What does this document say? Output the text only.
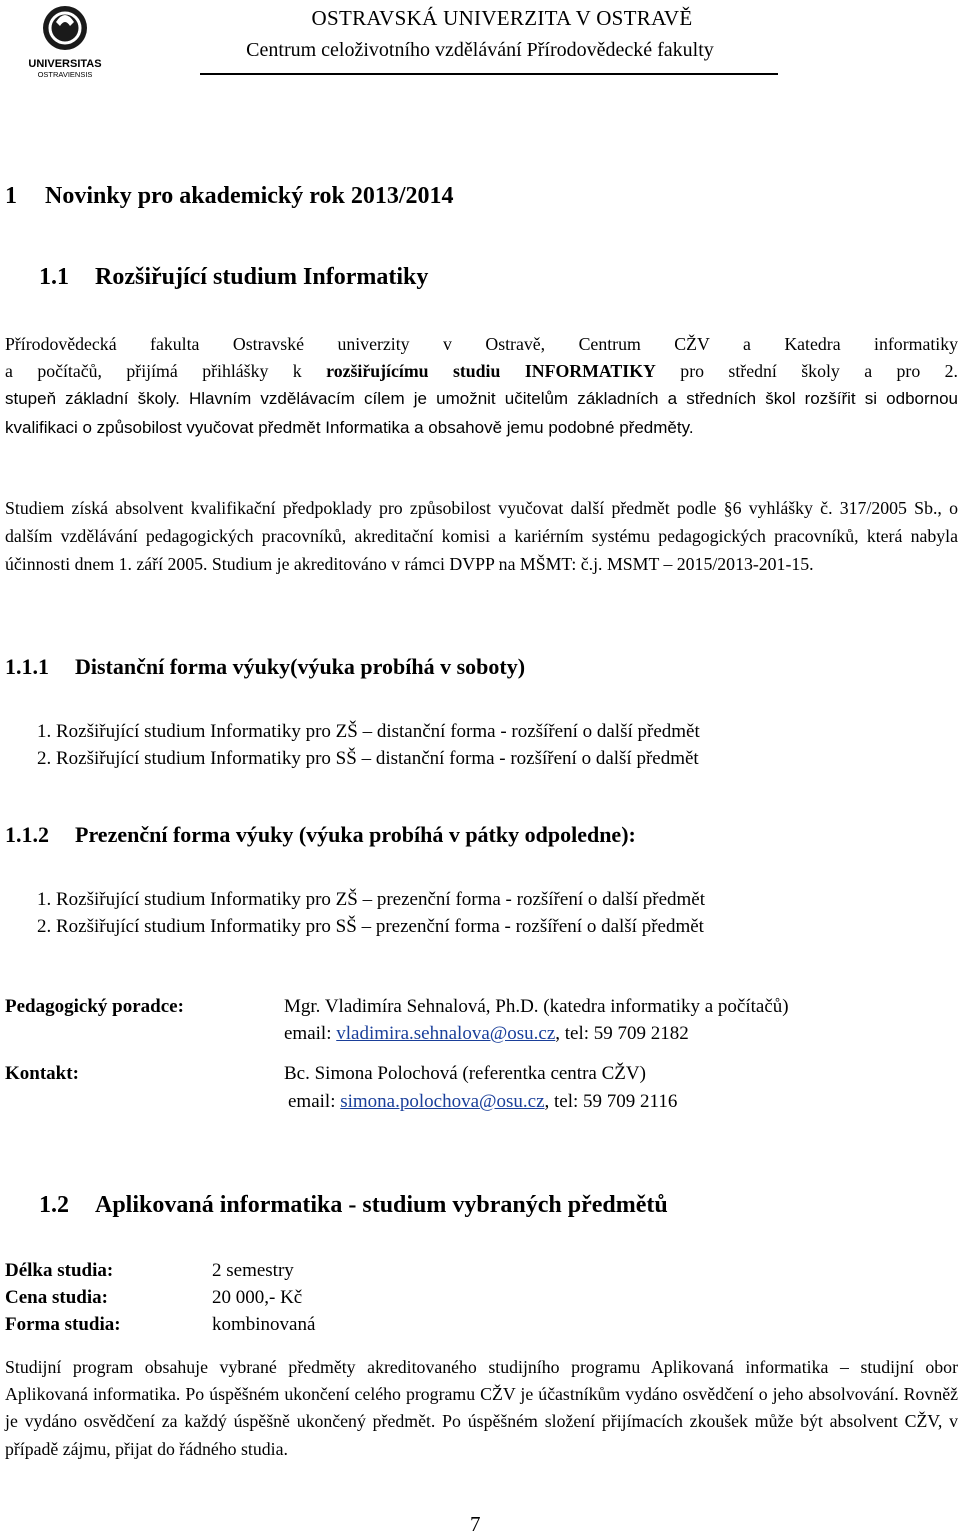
UNIVERSITAS
OSTRAVIENSIS
OSTRAVSKÁ UNIVERZITA V OSTRAVĚ
Centrum celoživotního vzdělávání Přírodovědecké fakulty
1 Novinky pro akademický rok 2013/2014
1.1 Rozšiřující studium Informatiky
Přírodovědecká fakulta Ostravské univerzity v Ostravě, Centrum CŽV a Katedra informatiky
a počítačů, přijímá přihlášky k rozšiřujícímu studiu INFORMATIKY pro střední školy a pro 2.
stupeň základní školy. Hlavním vzdělávacím cílem je umožnit učitelům základních a středních škol rozšířit si odbornou kvalifikaci o způsobilost vyučovat předmět Informatika a obsahově jemu podobné předměty.
Studiem získá absolvent kvalifikační předpoklady pro způsobilost vyučovat další předmět podle §6 vyhlášky č. 317/2005 Sb., o dalším vzdělávání pedagogických pracovníků, akreditační komisi a kariérním systému pedagogických pracovníků, která nabyla účinnosti dnem 1. září 2005. Studium je akreditováno v rámci DVPP na MŠMT: č.j. MSMT – 2015/2013-201-15.
1.1.1 Distanční forma výuky(výuka probíhá v soboty)
1. Rozšiřující studium Informatiky pro ZŠ – distanční forma - rozšíření o další předmět
2. Rozšiřující studium Informatiky pro SŠ – distanční forma - rozšíření o další předmět
1.1.2 Prezenční forma výuky (výuka probíhá v pátky odpoledne):
1. Rozšiřující studium Informatiky pro ZŠ – prezenční forma - rozšíření o další předmět
2. Rozšiřující studium Informatiky pro SŠ – prezenční forma - rozšíření o další předmět
Pedagogický poradce:	Mgr. Vladimíra Sehnalová, Ph.D. (katedra informatiky a počítačů)
email: vladimira.sehnalova@osu.cz, tel: 59 709 2182
Kontakt:	Bc. Simona Polochová (referentka centra CŽV)
email: simona.polochova@osu.cz, tel: 59 709 2116
1.2 Aplikovaná informatika - studium vybraných předmětů
Délka studia:	2 semestry
Cena studia:	20 000,- Kč
Forma studia:	kombinovaná
Studijní program obsahuje vybrané předměty akreditovaného studijního programu Aplikovaná informatika – studijní obor Aplikovaná informatika. Po úspěšném ukončení celého programu CŽV je účastníkům vydáno osvědčení o jeho absolvování. Rovněž je vydáno osvědčení za každý úspěšně ukončený předmět. Po úspěšném složení přijímacích zkoušek může být absolvent CŽV, v případě zájmu, přijat do řádného studia.
7
